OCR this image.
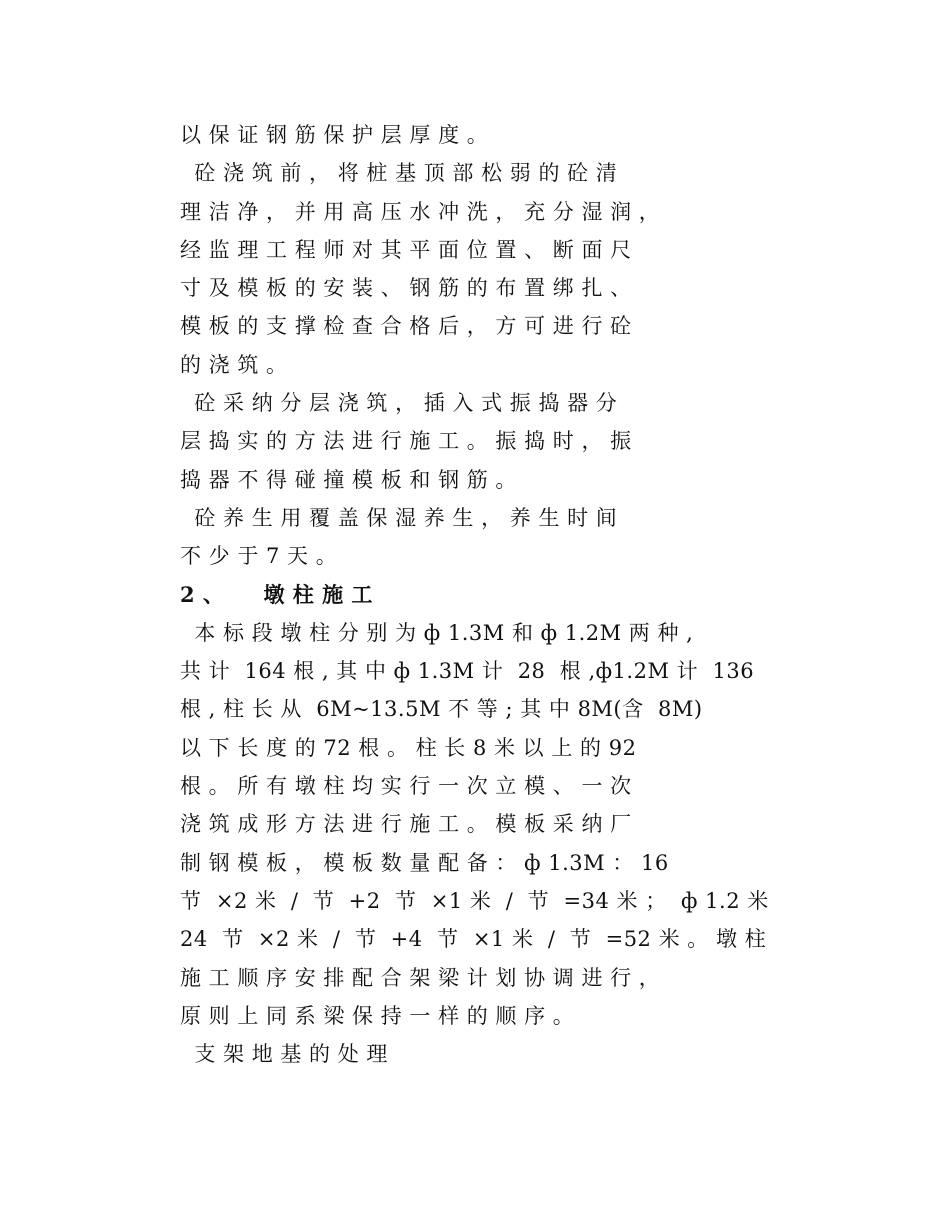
以 保 证 钢 筋 保 护 层 厚 度 。
砼 浇 筑 前 ， 将 桩 基 顶 部 松 弱 的 砼 清
理 洁 净 ， 并 用 高 压 水 冲 洗 ， 充 分 湿 润 ，
经 监 理 工 程 师 对 其 平 面 位 置 、 断 面 尺
寸 及 模 板 的 安 装 、 钢 筋 的 布 置 绑 扎 、
模 板 的 支 撑 检 查 合 格 后 ， 方 可 进 行 砼
的 浇 筑 。
砼 采 纳 分 层 浇 筑 ， 插 入 式 振 捣 器 分
层 捣 实 的 方 法 进 行 施 工 。 振 捣 时 ， 振
捣 器 不 得 碰 撞 模 板 和 钢 筋 。
砼 养 生 用 覆 盖 保 湿 养 生 ， 养 生 时 间
不 少 于 7 天 。
2 、     墩 柱 施 工
本 标 段 墩 柱 分 别 为 ф 1.3M 和 ф 1.2M 两 种 ,
共 计  164 根 , 其 中 ф 1.3M 计  28  根 ,ф1.2M 计  136
根 , 柱 长 从  6M~13.5M 不 等 ; 其 中 8M(含  8M)
以 下 长 度 的 72 根 。 柱 长 8 米 以 上 的 92
根 。 所 有 墩 柱 均 实 行 一 次 立 模 、 一 次
浇 筑 成 形 方 法 进 行 施 工 。 模 板 采 纳 厂
制 钢 模 板 ， 模 板 数 量 配 备 ： ф 1.3M ： 16
节  ×2 米  /  节  +2  节  ×1 米  /  节  =34 米 ；  ф 1.2 米
24  节  ×2 米  /  节  +4  节  ×1 米  /  节  =52 米 。 墩 柱
施 工 顺 序 安 排 配 合 架 梁 计 划 协 调 进 行 ，
原 则 上 同 系 梁 保 持 一 样 的 顺 序 。
支 架 地 基 的 处 理
